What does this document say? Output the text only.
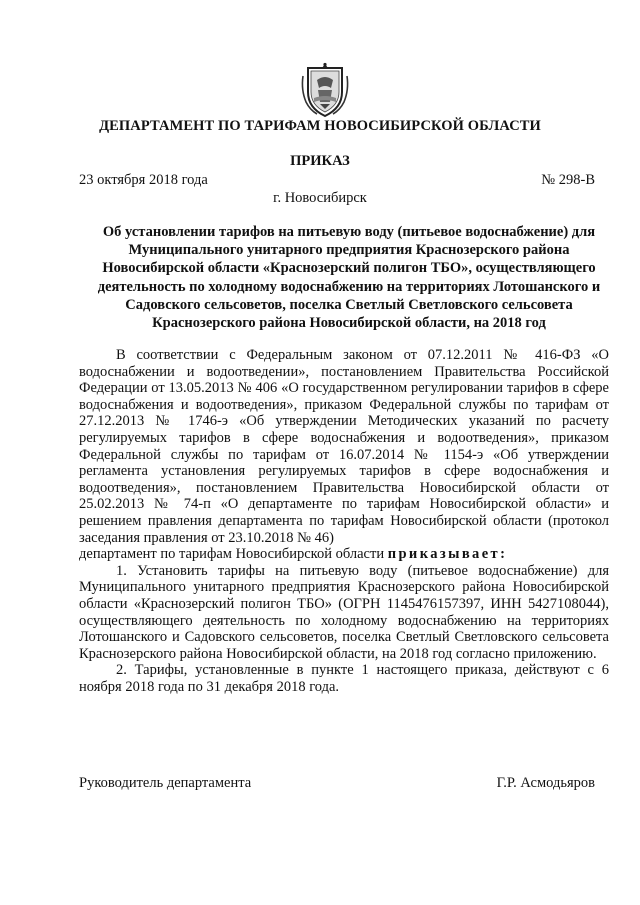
ДЕПАРТАМЕНТ ПО ТАРИФАМ НОВОСИБИРСКОЙ ОБЛАСТИ
ПРИКАЗ
23 октября 2018 года	№ 298-В
г. Новосибирск
Об установлении тарифов на питьевую воду (питьевое водоснабжение) для
Муниципального унитарного предприятия Краснозерского района
Новосибирской области «Краснозерский полигон ТБО», осуществляющего
деятельность по холодному водоснабжению на территориях Лотошанского и
Садовского сельсоветов, поселка Светлый Светловского сельсовета
Краснозерского района Новосибирской области, на 2018 год

В соответствии с Федеральным законом от 07.12.2011 № 416-ФЗ «О водоснабжении и водоотведении», постановлением Правительства Российской Федерации от 13.05.2013 № 406 «О государственном регулировании тарифов в сфере водоснабжения и водоотведения», приказом Федеральной службы по тарифам от 27.12.2013 № 1746-э «Об утверждении Методических указаний по расчету регулируемых тарифов в сфере водоснабжения и водоотведения», приказом Федеральной службы по тарифам от 16.07.2014 № 1154-э «Об утверждении регламента установления регулируемых тарифов в сфере водоснабжения и водоотведения», постановлением Правительства Новосибирской области от 25.02.2013 № 74-п «О департаменте по тарифам Новосибирской области» и решением правления департамента по тарифам Новосибирской области (протокол заседания правления от 23.10.2018 № 46)

департамент по тарифам Новосибирской области приказывает:

1. Установить тарифы на питьевую воду (питьевое водоснабжение) для Муниципального унитарного предприятия Краснозерского района Новосибирской области «Краснозерский полигон ТБО» (ОГРН 1145476157397, ИНН 5427108044), осуществляющего деятельность по холодному водоснабжению на территориях Лотошанского и Садовского сельсоветов, поселка Светлый Светловского сельсовета Краснозерского района Новосибирской области, на 2018 год согласно приложению.

2. Тарифы, установленные в пункте 1 настоящего приказа, действуют с 6 ноября 2018 года по 31 декабря 2018 года.

Руководитель департамента	Г.Р. Асмодьяров
